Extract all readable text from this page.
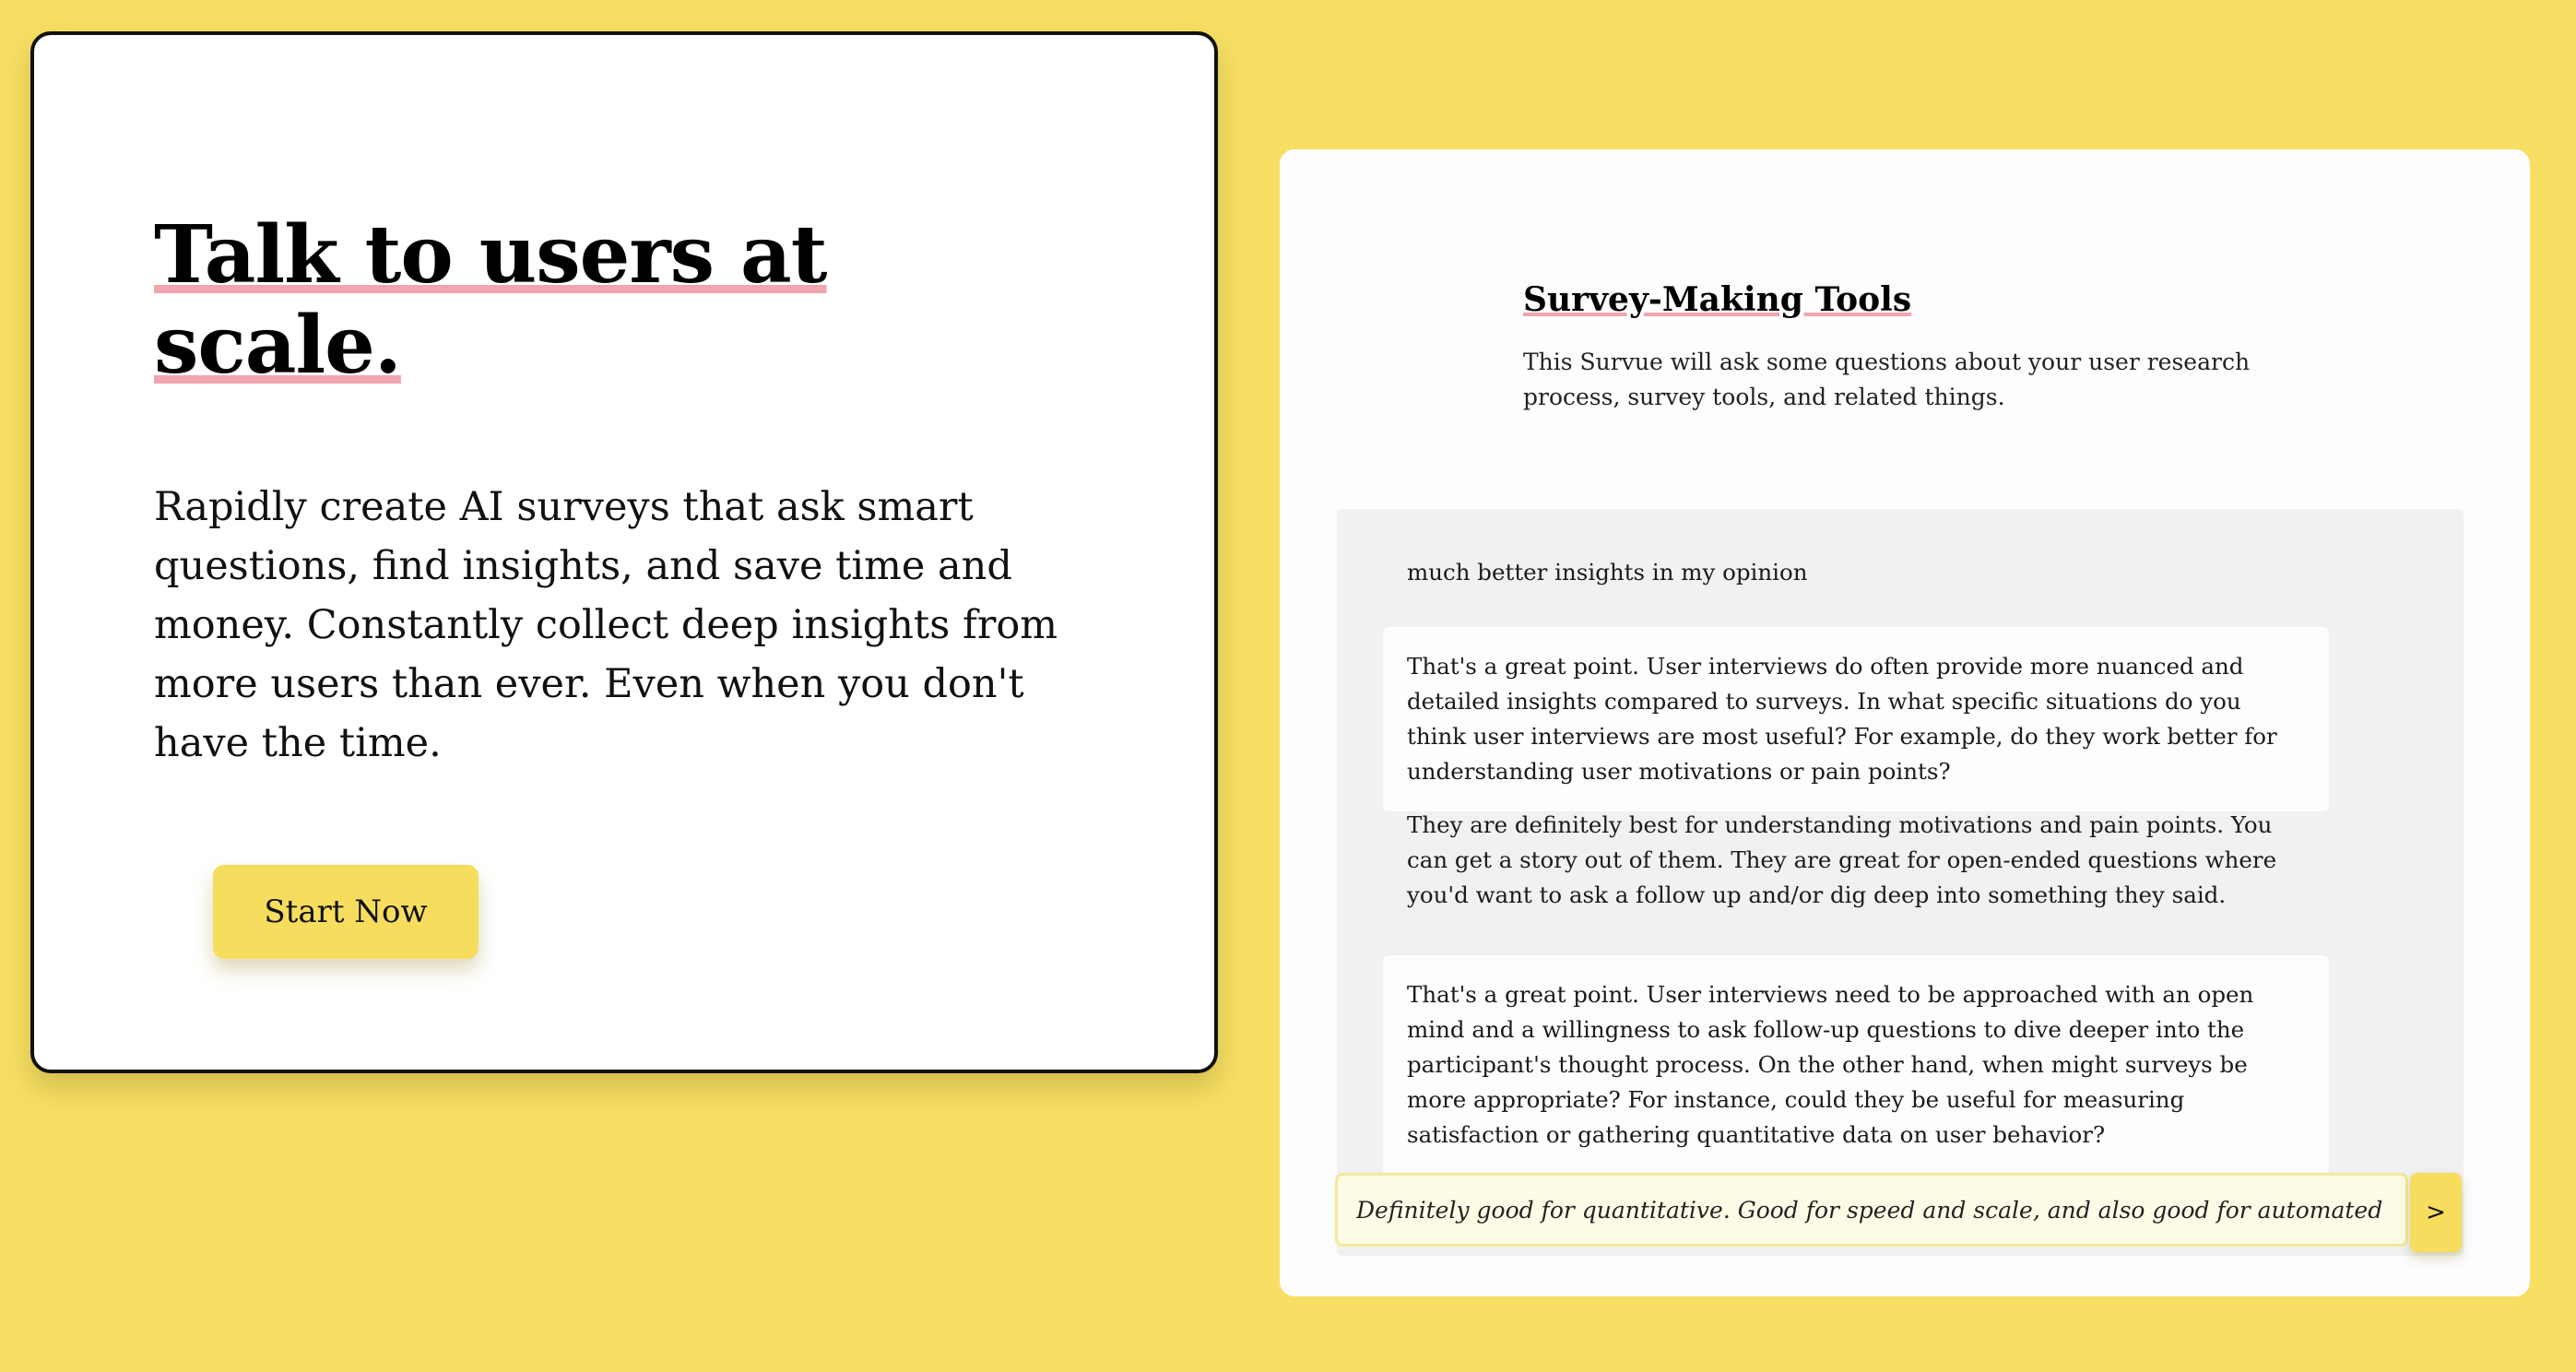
Talk to users at scale.

Rapidly create AI surveys that ask smart questions, find insights, and save time and money. Constantly collect deep insights from more users than ever. Even when you don't have the time.

Start Now
Survey-Making Tools

This Survue will ask some questions about your user research process, survey tools, and related things.

much better insights in my opinion
That's a great point. User interviews do often provide more nuanced and detailed insights compared to surveys. In what specific situations do you think user interviews are most useful? For example, do they work better for understanding user motivations or pain points?
They are definitely best for understanding motivations and pain points. You can get a story out of them. They are great for open-ended questions where you'd want to ask a follow up and/or dig deep into something they said.
That's a great point. User interviews need to be approached with an open mind and a willingness to ask follow-up questions to dive deeper into the participant's thought process. On the other hand, when might surveys be more appropriate? For instance, could they be useful for measuring satisfaction or gathering quantitative data on user behavior?
Definitely good for quantitative. Good for speed and scale, and also good for automated chan
>
